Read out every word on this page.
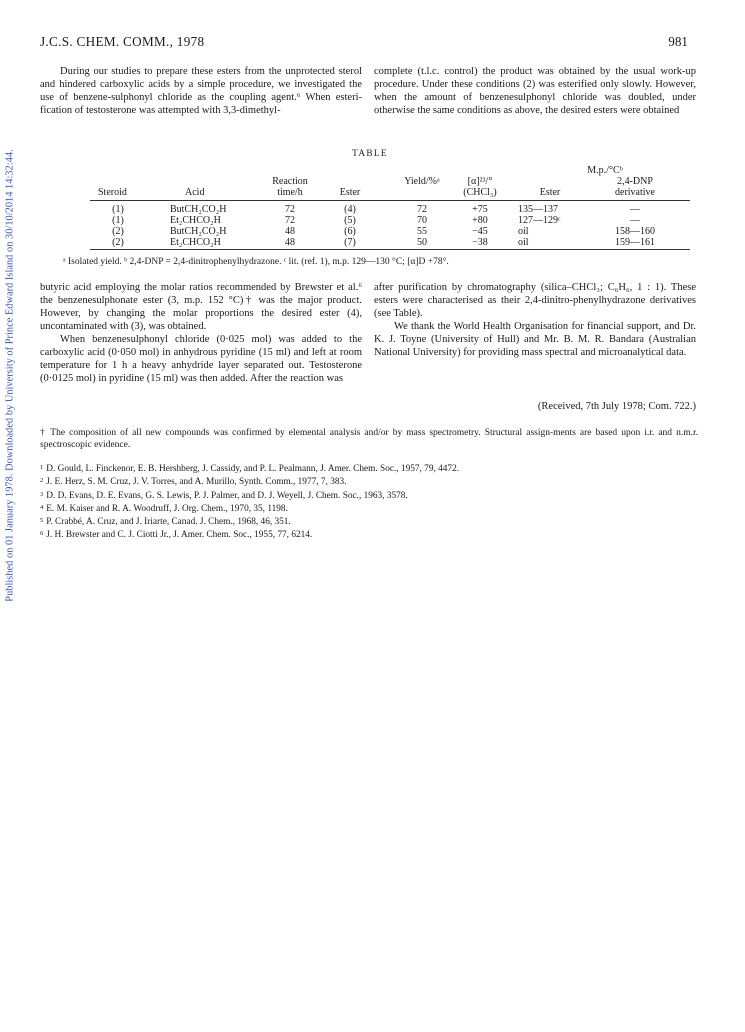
Published on 01 January 1978. Downloaded by University of Prince Edward Island on 30/10/2014 14:32:44.
J.C.S. CHEM. COMM., 1978	981
During our studies to prepare these esters from the unprotected sterol and hindered carboxylic acids by a simple procedure, we investigated the use of benzene-sulphonyl chloride as the coupling agent.⁶ When esteri-fication of testosterone was attempted with 3,3-dimethyl-
complete (t.l.c. control) the product was obtained by the usual work-up procedure. Under these conditions (2) was esterified only slowly. However, when the amount of benzenesulphonyl chloride was doubled, under otherwise the same conditions as above, the desired esters were obtained
TABLE
M.p./°Cᵇ
2,4-DNP
derivative
Reaction
time/h
Yield/%ᵃ	[α]²³/°
(CHCl₃)
Steroid	Acid	Ester	Ester
(1)	ButCH₂CO₂H	72	(4)	72	+75	135—137	—
(1)	Et₂CHCO₂H	72	(5)	70	+80	127—129ᶜ	—
(2)	ButCH₂CO₂H	48	(6)	55	−45	oil	158—160
(2)	Et₂CHCO₂H	48	(7)	50	−38	oil	159—161
ᵃ Isolated yield. ᵇ 2,4-DNP = 2,4-dinitrophenylhydrazone. ᶜ lit. (ref. 1), m.p. 129—130 °C; [α]D +78°.
butyric acid employing the molar ratios recommended by Brewster et al.⁶ the benzenesulphonate ester (3, m.p. 152 °C)† was the major product. However, by changing the molar proportions the desired ester (4), uncontaminated with (3), was obtained.
When benzenesulphonyl chloride (0·025 mol) was added to the carboxylic acid (0·050 mol) in anhydrous pyridine (15 ml) and left at room temperature for 1 h a heavy anhydride layer separated out. Testosterone (0·0125 mol) in pyridine (15 ml) was then added. After the reaction was
after purification by chromatography (silica–CHCl₃; C₆H₆, 1 : 1). These esters were characterised as their 2,4-dinitro-phenylhydrazone derivatives (see Table).
We thank the World Health Organisation for financial support, and Dr. K. J. Toyne (University of Hull) and Mr. B. M. R. Bandara (Australian National University) for providing mass spectral and microanalytical data.
(Received, 7th July 1978; Com. 722.)
† The composition of all new compounds was confirmed by elemental analysis and/or by mass spectrometry. Structural assign-ments are based upon i.r. and n.m.r. spectroscopic evidence.
$^1$ D. Gould, L. Finckenor, E. B. Hershberg, J. Cassidy, and P. L. Pealmann, J. Amer. Chem. Soc., 1957, 79, 4472.
$^2$ J. E. Herz, S. M. Cruz, J. V. Torres, and A. Murillo, Synth. Comm., 1977, 7, 383.
$^3$ D. D. Evans, D. E. Evans, G. S. Lewis, P. J. Palmer, and D. J. Weyell, J. Chem. Soc., 1963, 3578.
$^4$ E. M. Kaiser and R. A. Woodruff, J. Org. Chem., 1970, 35, 1198.
$^5$ P. Crabbé, A. Cruz, and J. Iriarte, Canad. J. Chem., 1968, 46, 351.
$^6$ J. H. Brewster and C. J. Ciotti Jr., J. Amer. Chem. Soc., 1955, 77, 6214.
